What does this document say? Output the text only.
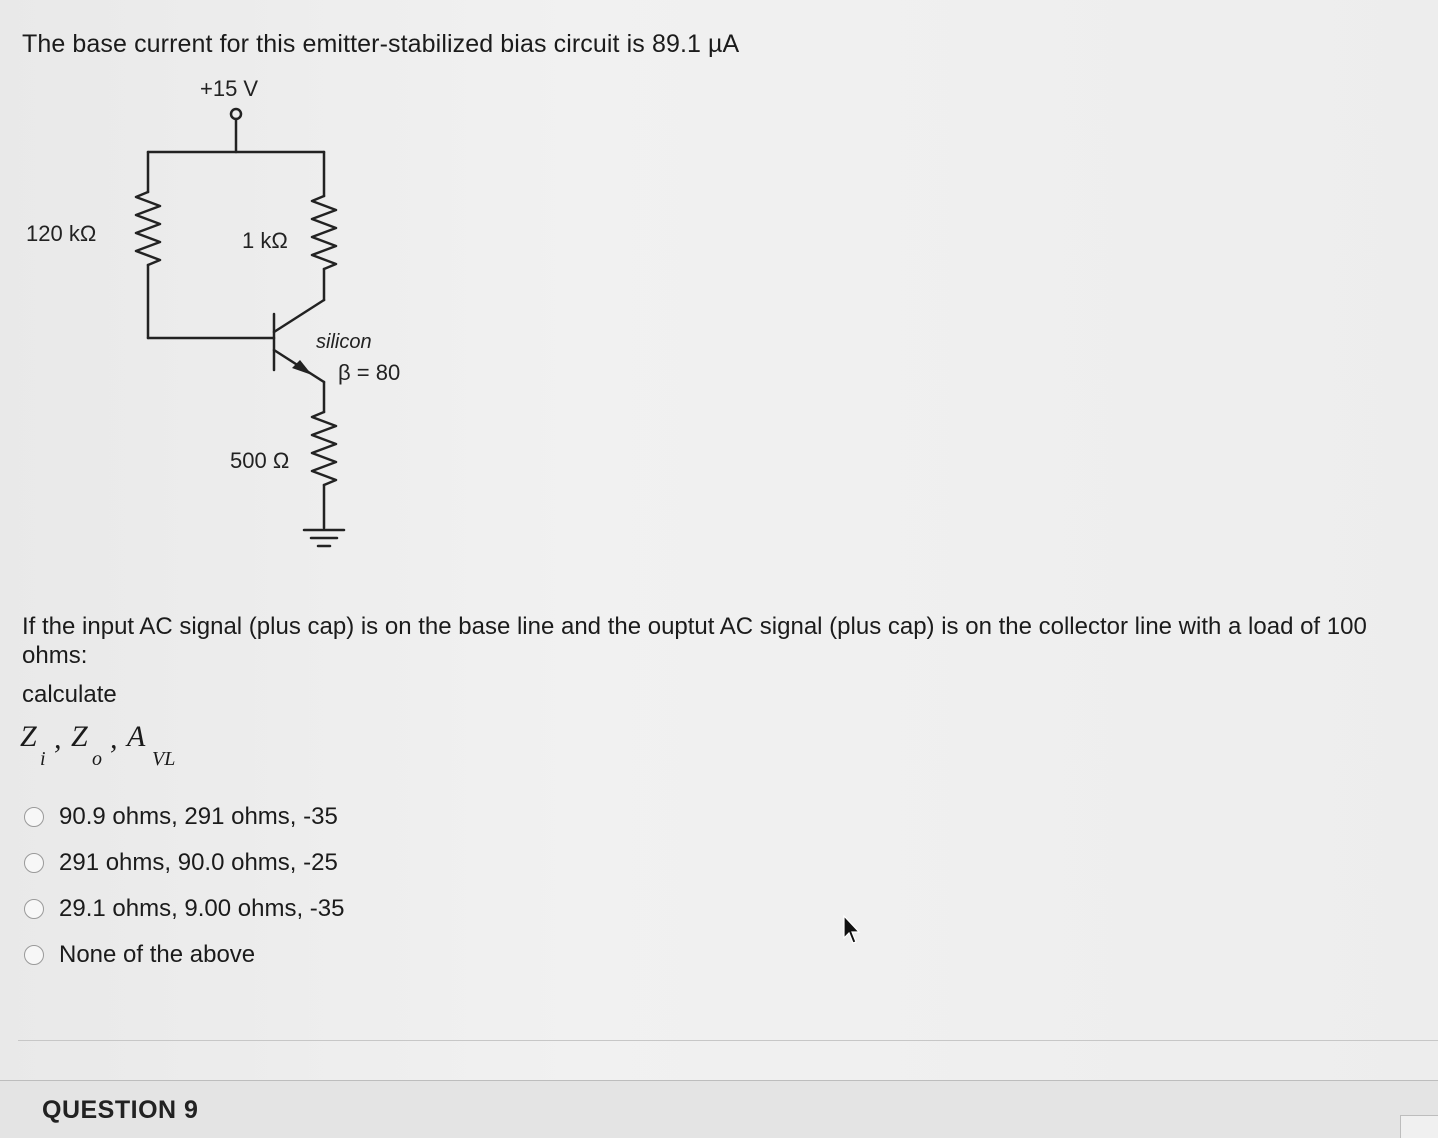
The base current for this emitter-stabilized bias circuit is 89.1 µA
+15 V
120 kΩ	1 kΩ
500 Ω
silicon
β = 80
If the input AC signal (plus cap) is on the base line and the ouptut AC signal (plus cap) is on the collector line with a load of 100 ohms:
calculate
Z
i
, Z
o
, A
VL
90.9 ohms, 291 ohms, -35
291 ohms, 90.0 ohms, -25
29.1 ohms, 9.00 ohms, -35
None of the above
QUESTION 9
